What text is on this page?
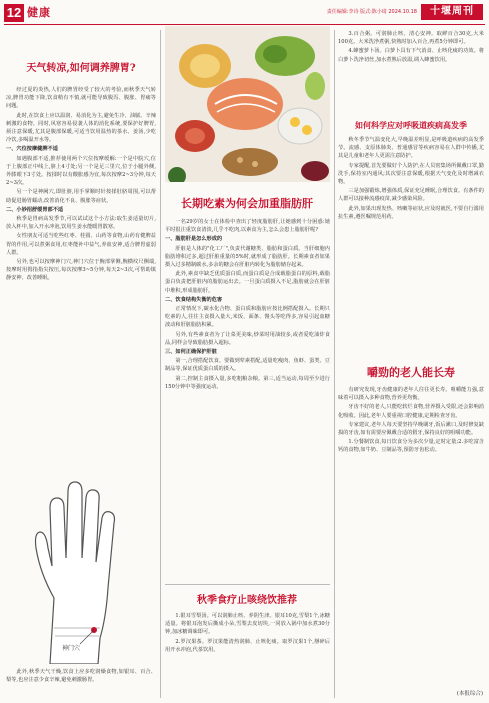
12 健康	责任编辑:李诗 版式:陈小琦 2024.10.18	十堰周刊
天气转凉,如何调养脾胃?

经过夏的炎热,人们的脾胃经受了较大的考验,而秋季天气转凉,脾胃功能下降,饮食稍有不慎,就可能导致腹泻、腹胀、胃痛等问题。

此时,在饮食上应以温润、易消化为主,避免生冷、油腻、辛辣刺激的食物。同时,风寒容易侵袭人体的消化系统,要保护好脾胃,须注意保暖,尤其是腹部保暖,可适当饮用温热的茶水、姜汤,少吃冷饮,多喝温开水等。

一、穴位按摩健脾不适

如遇腹部不适,推荐使用两个穴位按摩缓解:一个是中脘穴,位于上腹部正中线上,脐上4寸处;另一个是足三里穴,位于小腿外侧,外膝眼下3寸处。按揉时以有酸胀感为宜,每次按摩2~3分钟,每天2~3次。

另一个是神阙穴,即肚脐,用手掌顺时针按揉肚脐周围,可以帮助促进肠胃蠕动,改善消化不良、腹胀等症状。

二、小妙招舒缓胃部不适

秋季是胃病高发季节,可以试试这个小方法:取生姜适量切片,放入杯中,加入开水冲泡,饮用生姜水能暖胃散寒。

女性朋友可适当吃些红枣、桂圆、山药等食物,山药有健脾益胃的作用,可以煮粥食用,红枣能补中益气,养血安神,适合脾胃虚弱人群。

另外,也可以按摩神门穴,神门穴位于腕部掌侧,腕横纹尺侧端,按摩时用拇指指尖按压,每次按摩3~5分钟,每天2~3次,可帮助镇静安神、改善睡眠。

神门穴

此外,秋季天气干燥,饮食上应多吃润燥食物,如银耳、百合、梨等,也应注意少食辛辣,避免刺激肠胃。

长期吃素为何会加重脂肪肝

一名29岁的女士在体检中查出了轻度脂肪肝,让她感到十分困惑:她平时很注重饮食清淡,几乎不吃肉,以素食为主,怎么会患上脂肪肝呢?

一、脂肪肝是怎么形成的

肝脏是人体的"化工厂",负责代谢糖类、脂肪和蛋白质。当肝细胞内脂肪堆积过多,超过肝脏重量的5%时,就形成了脂肪肝。长期素食者如果摄入过多精制碳水,多余的糖会在肝脏内转化为脂肪储存起来。

此外,素食中缺乏优质蛋白质,而蛋白质是合成载脂蛋白的原料,载脂蛋白负责把肝脏内的脂肪运出去。一旦蛋白质摄入不足,脂肪就会在肝脏中堆积,形成脂肪肝。

二、饮食结构失衡的危害

正常情况下,碳水化合物、蛋白质和脂肪应按比例搭配摄入。长期只吃素的人,往往主食摄入量大,米饭、面条、馒头等吃得多,容易引起血糖波动和肝脏脂肪积累。

另外,有些素食者为了让菜更美味,炒菜时用油较多,或者爱吃油炸食品,同样会导致脂肪摄入超标。

三、如何正确保护肝脏

第一,合理搭配饮食。要做到荤素搭配,适量吃瘦肉、鱼虾、蛋类、豆制品等,保证优质蛋白质的摄入。

第二,控制主食摄入量,多吃粗粮杂粮。第三,适当运动,每周至少进行150分钟中等强度运动。

秋季食疗止咳绕饮推荐

1.银耳雪梨汤。可以润肺止咳、养阴生津。银耳10克,雪梨1个,冰糖适量。将银耳泡发后撕成小朵,雪梨去皮切块,一同放入锅中加水煮30分钟,加冰糖调味即可。

2.罗汉果茶。罗汉果能清热润肺、止咳化痰。取罗汉果1个,掰碎后用开水冲泡,代茶饮用。

3.百合粥。可润肺止咳、清心安神。取鲜百合30克,大米100克。大米洗净煮粥,快熟时加入百合,再煮5分钟即可。

4.蜂蜜萝卜汤。白萝卜具有下气消食、止咳化痰的功效。将白萝卜洗净切丝,加水煮熟后放温,调入蜂蜜饮用。

如何科学应对呼吸道疾病高发季

秋冬季节气温变化大,早晚温差明显,是呼吸道疾病的高发季节。流感、支原体肺炎、普通感冒等疾病容易在人群中传播,尤其是儿童和老年人更需注意防护。

专家提醒,首先要做好个人防护,在人员密集场所佩戴口罩,勤洗手,保持室内通风;其次要注意保暖,根据天气变化及时增减衣物。

三是加强锻炼,增强体质,保证充足睡眠,合理饮食。有条件的人群可以接种流感疫苗,减少感染风险。

此外,如果出现发热、咳嗽等症状,应及时就医,不要自行滥用抗生素,遵医嘱规范用药。

嚼勁的老人能长寿

有研究发现,牙齿健康的老年人往往更长寿。咀嚼能力强,意味着可以摄入多种食物,营养更均衡。

牙齿不好的老人,只能吃软烂食物,营养摄入受限,还会影响消化吸收。因此,老年人要重视口腔健康,定期检查牙齿。

专家建议,老年人每天要坚持早晚刷牙,饭后漱口,及时修复缺损的牙齿,如有需要应佩戴合适的假牙,保持良好的咀嚼功能。

1.分餐制饮食,每日饮食分为多次少量,定时定量;2.多吃富含钙的食物,如牛奶、豆制品等,预防牙齿松动。

(本报综合)
